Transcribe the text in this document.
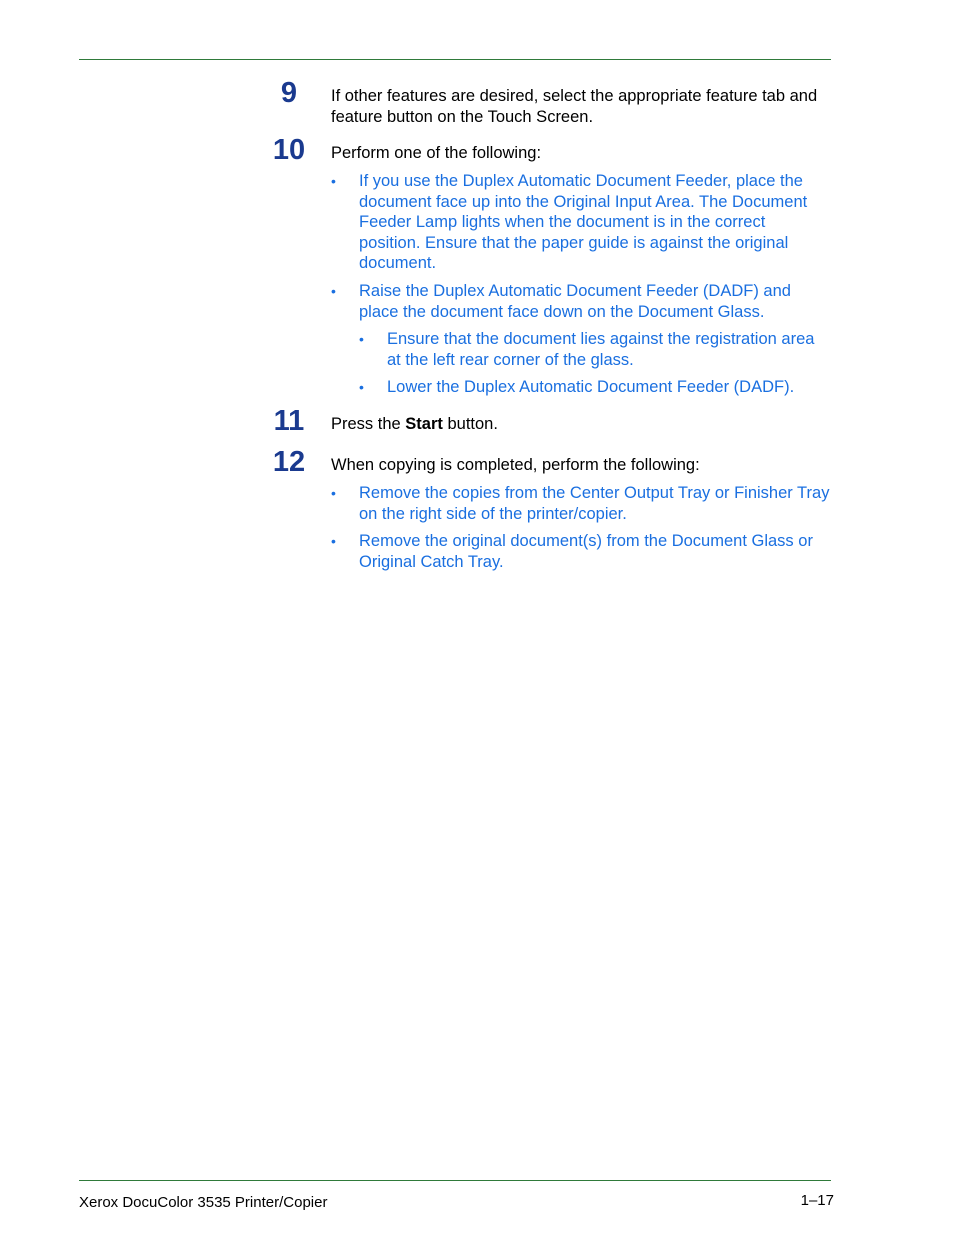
9	If other features are desired, select the appropriate feature tab and feature button on the Touch Screen.
10 Perform one of the following:
• If you use the Duplex Automatic Document Feeder, place the document face up into the Original Input Area. The Document Feeder Lamp lights when the document is in the correct position. Ensure that the paper guide is against the original document.
• Raise the Duplex Automatic Document Feeder (DADF) and place the document face down on the Document Glass.
• Ensure that the document lies against the registration area at the left rear corner of the glass.
• Lower the Duplex Automatic Document Feeder (DADF).
11 Press the Start button.
12 When copying is completed, perform the following:
• Remove the copies from the Center Output Tray or Finisher Tray on the right side of the printer/copier.
• Remove the original document(s) from the Document Glass or Original Catch Tray.
Xerox DocuColor 3535 Printer/Copier	1–17
